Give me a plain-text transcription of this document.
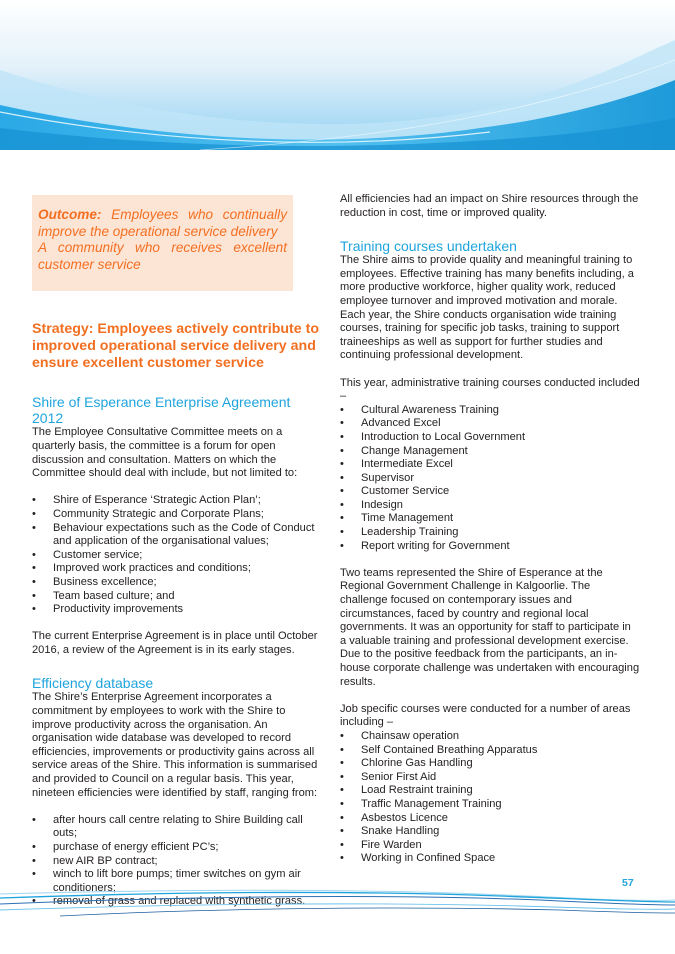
Outcome: Employees who continually improve the operational service delivery

A community who receives excellent customer service

Strategy: Employees actively contribute to improved operational service delivery and ensure excellent customer service

Shire of Esperance Enterprise Agreement 2012

The Employee Consultative Committee meets on a quarterly basis, the committee is a forum for open discussion and consultation. Matters on which the Committee should deal with include, but not limited to:

• Shire of Esperance ‘Strategic Action Plan’;
• Community Strategic and Corporate Plans;
• Behaviour expectations such as the Code of Conduct and application of the organisational values;
• Customer service;
• Improved work practices and conditions;
• Business excellence;
• Team based culture; and
• Productivity improvements

The current Enterprise Agreement is in place until October 2016, a review of the Agreement is in its early stages.

Efficiency database

The Shire’s Enterprise Agreement incorporates a commitment by employees to work with the Shire to improve productivity across the organisation. An organisation wide database was developed to record efficiencies, improvements or productivity gains across all service areas of the Shire. This information is summarised and provided to Council on a regular basis. This year, nineteen efficiencies were identified by staff, ranging from:

• after hours call centre relating to Shire Building call outs;
• purchase of energy efficient PC’s;
• new AIR BP contract;
• winch to lift bore pumps; timer switches on gym air conditioners;
• removal of grass and replaced with synthetic grass.

All efficiencies had an impact on Shire resources through the reduction in cost, time or improved quality.

Training courses undertaken

The Shire aims to provide quality and meaningful training to employees. Effective training has many benefits including, a more productive workforce, higher quality work, reduced employee turnover and improved motivation and morale.

Each year, the Shire conducts organisation wide training courses, training for specific job tasks, training to support traineeships as well as support for further studies and continuing professional development.

This year, administrative training courses conducted included –

• Cultural Awareness Training
• Advanced Excel
• Introduction to Local Government
• Change Management
• Intermediate Excel
• Supervisor
• Customer Service
• Indesign
• Time Management
• Leadership Training
• Report writing for Government

Two teams represented the Shire of Esperance at the Regional Government Challenge in Kalgoorlie. The challenge focused on contemporary issues and circumstances, faced by country and regional local governments. It was an opportunity for staff to participate in a valuable training and professional development exercise. Due to the positive feedback from the participants, an in-house corporate challenge was undertaken with encouraging results.

Job specific courses were conducted for a number of areas including –

• Chainsaw operation
• Self Contained Breathing Apparatus
• Chlorine Gas Handling
• Senior First Aid
• Load Restraint training
• Traffic Management Training
• Asbestos Licence
• Snake Handling
• Fire Warden
• Working in Confined Space
57
